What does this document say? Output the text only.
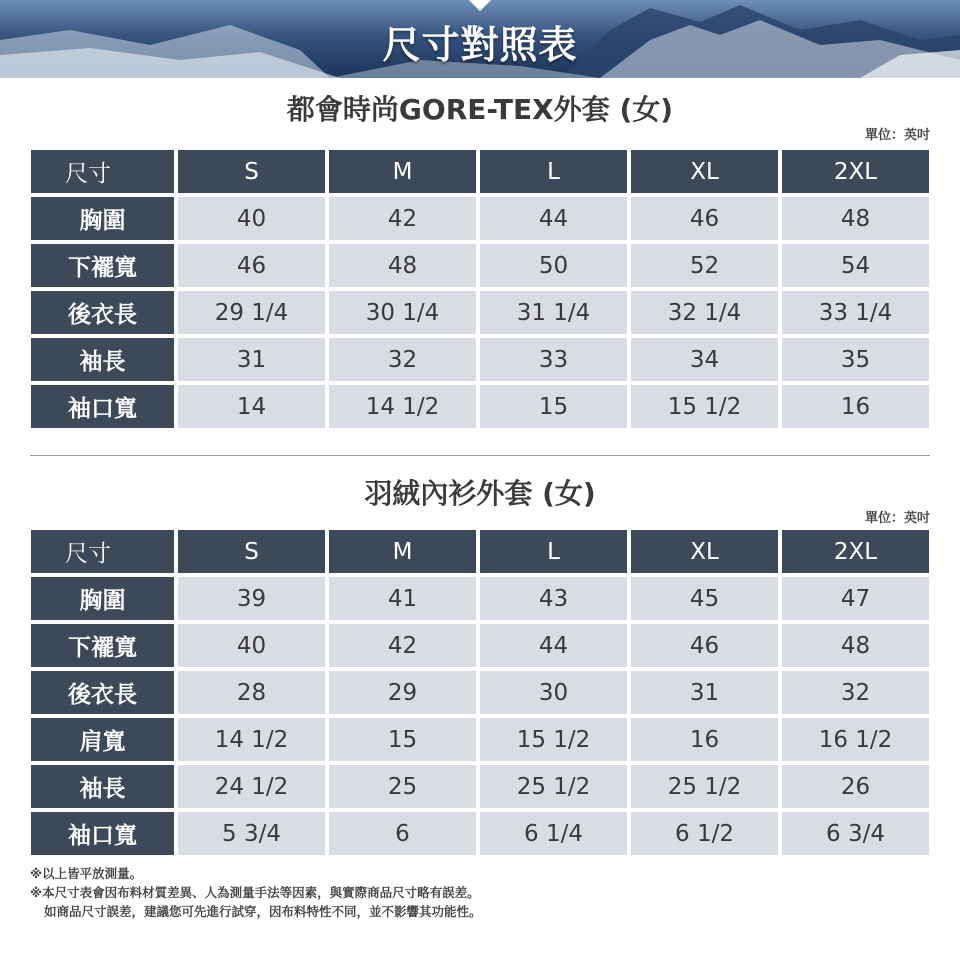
尺寸對照表
都會時尚GORE-TEX外套 (女)
單位：英吋
尺寸	S	M	L	XL	2XL
胸圍	40	42	44	46	48
下襬寬	46	48	50	52	54
後衣長	29 1/4	30 1/4	31 1/4	32 1/4	33 1/4
袖長	31	32	33	34	35
袖口寬	14	14 1/2	15	15 1/2	16
羽絨內衫外套 (女)
單位：英吋
尺寸	S	M	L	XL	2XL
胸圍	39	41	43	45	47
下襬寬	40	42	44	46	48
後衣長	28	29	30	31	32
肩寬	14 1/2	15	15 1/2	16	16 1/2
袖長	24 1/2	25	25 1/2	25 1/2	26
袖口寬	5 3/4	6	6 1/4	6 1/2	6 3/4
※以上皆平放測量。
※本尺寸表會因布料材質差異、人為測量手法等因素，與實際商品尺寸略有誤差。
如商品尺寸誤差，建議您可先進行試穿，因布料特性不同，並不影響其功能性。
